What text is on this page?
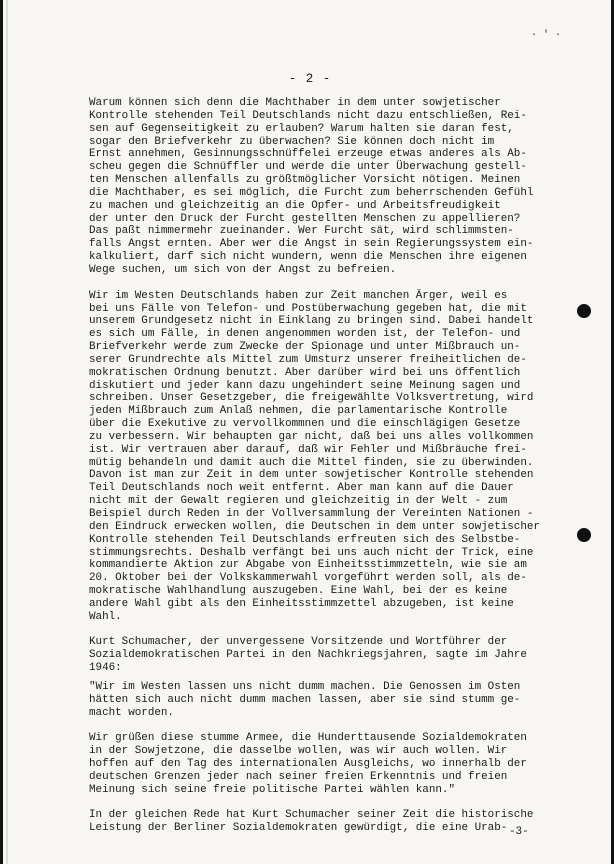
· ′ ·
- 2 -
Warum können sich denn die Machthaber in dem unter sowjetischer
Kontrolle stehenden Teil Deutschlands nicht dazu entschließen, Rei-
sen auf Gegenseitigkeit zu erlauben? Warum halten sie daran fest,
sogar den Briefverkehr zu überwachen? Sie können doch nicht im
Ernst annehmen, Gesinnungsschnüffelei erzeuge etwas anderes als Ab-
scheu gegen die Schnüffler und werde die unter Überwachung gestell-
ten Menschen allenfalls zu größtmöglicher Vorsicht nötigen. Meinen
die Machthaber, es sei möglich, die Furcht zum beherrschenden Gefühl
zu machen und gleichzeitig an die Opfer- und Arbeitsfreudigkeit
der unter den Druck der Furcht gestellten Menschen zu appellieren?
Das paßt nimmermehr zueinander. Wer Furcht sät, wird schlimmsten-
falls Angst ernten. Aber wer die Angst in sein Regierungssystem ein-
kalkuliert, darf sich nicht wundern, wenn die Menschen ihre eigenen
Wege suchen, um sich von der Angst zu befreien.
Wir im Westen Deutschlands haben zur Zeit manchen Ärger, weil es
bei uns Fälle von Telefon- und Postüberwachung gegeben hat, die mit
unserem Grundgesetz nicht in Einklang zu bringen sind. Dabei handelt
es sich um Fälle, in denen angenommen worden ist, der Telefon- und
Briefverkehr werde zum Zwecke der Spionage und unter Mißbrauch un-
serer Grundrechte als Mittel zum Umsturz unserer freiheitlichen de-
mokratischen Ordnung benutzt. Aber darüber wird bei uns öffentlich
diskutiert und jeder kann dazu ungehindert seine Meinung sagen und
schreiben. Unser Gesetzgeber, die freigewählte Volksvertretung, wird
jeden Mißbrauch zum Anlaß nehmen, die parlamentarische Kontrolle
über die Exekutive zu vervollkommnen und die einschlägigen Gesetze
zu verbessern. Wir behaupten gar nicht, daß bei uns alles vollkommen
ist. Wir vertrauen aber darauf, daß wir Fehler und Mißbräuche frei-
mütig behandeln und damit auch die Mittel finden, sie zu überwinden.
Davon ist man zur Zeit in dem unter sowjetischer Kontrolle stehenden
Teil Deutschlands noch weit entfernt. Aber man kann auf die Dauer
nicht mit der Gewalt regieren und gleichzeitig in der Welt - zum
Beispiel durch Reden in der Vollversammlung der Vereinten Nationen -
den Eindruck erwecken wollen, die Deutschen in dem unter sowjetischer
Kontrolle stehenden Teil Deutschlands erfreuten sich des Selbstbe-
stimmungsrechts. Deshalb verfängt bei uns auch nicht der Trick, eine
kommandierte Aktion zur Abgabe von Einheitsstimmzetteln, wie sie am
20. Oktober bei der Volkskammerwahl vorgeführt werden soll, als de-
mokratische Wahlhandlung auszugeben. Eine Wahl, bei der es keine
andere Wahl gibt als den Einheitsstimmzettel abzugeben, ist keine
Wahl.
Kurt Schumacher, der unvergessene Vorsitzende und Wortführer der
Sozialdemokratischen Partei in den Nachkriegsjahren, sagte im Jahre
1946:
"Wir im Westen lassen uns nicht dumm machen. Die Genossen im Osten
hätten sich auch nicht dumm machen lassen, aber sie sind stumm ge-
macht worden.
Wir grüßen diese stumme Armee, die Hunderttausende Sozialdemokraten
in der Sowjetzone, die dasselbe wollen, was wir auch wollen. Wir
hoffen auf den Tag des internationalen Ausgleichs, wo innerhalb der
deutschen Grenzen jeder nach seiner freien Erkenntnis und freien
Meinung sich seine freie politische Partei wählen kann."
In der gleichen Rede hat Kurt Schumacher seiner Zeit die historische
Leistung der Berliner Sozialdemokraten gewürdigt, die eine Urab- -3-
